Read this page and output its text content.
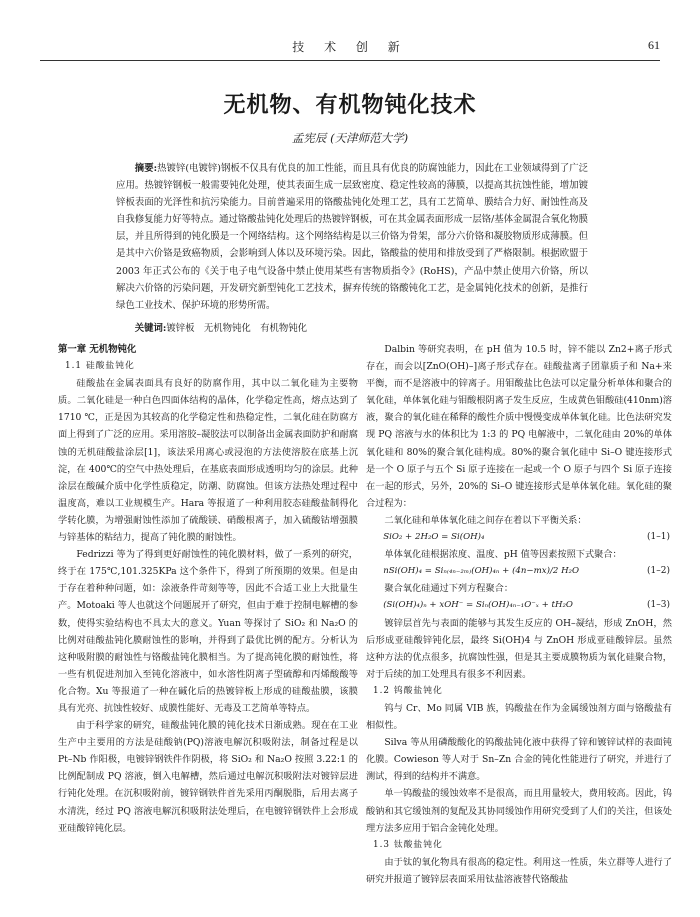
技 术 创 新	61
无机物、有机物钝化技术
孟宪辰 (天津师范大学)
摘要:热镀锌(电镀锌)钢板不仅具有优良的加工性能，而且具有优良的防腐蚀能力，因此在工业领域得到了广泛应用。热镀锌钢板一般需要钝化处理，使其表面生成一层致密度、稳定性较高的薄膜，以提高其抗蚀性能，增加镀锌板表面的光泽性和抗污染能力。目前普遍采用的铬酸盐钝化处理工艺，具有工艺简单、膜结合力好、耐蚀性高及自我修复能力好等特点。通过铬酸盐钝化处理后的热镀锌钢板，可在其金属表面形成一层铬/基体金属混合氧化物膜层，并且所得到的钝化膜是一个网络结构。这个网络结构是以三价铬为骨架，部分六价铬和凝胶物质形成薄膜。但是其中六价铬是致癌物质，会影响到人体以及环境污染。因此，铬酸盐的使用和排放受到了严格限制。根据欧盟于 2003 年正式公布的《关于电子电气设备中禁止使用某些有害物质指令》(RoHS)，产品中禁止使用六价铬，所以解决六价铬的污染问题，开发研究新型钝化工艺技术，摒弃传统的铬酸钝化工艺，是金属钝化技术的创新，是推行绿色工业技术、保护环境的形势所需。
关键词:镀锌板　无机物钝化　有机物钝化
第一章 无机物钝化
1.1 硅酸盐钝化

硅酸盐在金属表面具有良好的防腐作用，其中以二氧化硅为主要物质。二氧化硅是一种白色四面体结构的晶体，化学稳定性高，熔点达到了 1710 ℃，正是因为其较高的化学稳定性和热稳定性，二氧化硅在防腐方面上得到了广泛的应用。采用溶胶–凝胶法可以制备出金属表面防护和耐腐蚀的无机硅酸盐涂层[1]，该法采用离心或浸泡的方法使溶胶在底基上沉淀，在 400℃的空气中热处理后，在基底表面形成透明均匀的涂层。此种涂层在酸碱介质中化学性质稳定，防潮、防腐蚀。但该方法热处理过程中温度高，难以工业规模生产。Hara 等报道了一种利用胶态硅酸盐制得化学转化膜，为增强耐蚀性添加了硫酸镁、硝酸根离子，加入硫酸钴增强膜与锌基体的粘结力，提高了钝化膜的耐蚀性。

Fedrizzi 等为了得到更好耐蚀性的钝化膜材料，做了一系列的研究，终于在 175℃,101.325KPa 这个条件下，得到了所预期的效果。但是由于存在着种种问题，如：涂液条件苛刻等等，因此不合适工业上大批量生产。Motoaki 等人也就这个问题展开了研究，但由于难于控制电解槽的参数，使得实验结构也不具太大的意义。Yuan 等探讨了 SiO₂ 和 Na₂O 的比例对硅酸盐钝化膜耐蚀性的影响，并得到了最优比例的配方。分析认为这种吸附膜的耐蚀性与铬酸盐钝化膜相当。为了提高钝化膜的耐蚀性，将一些有机促进剂加入至钝化溶液中，如水溶性阴离子型硫醇和丙烯酸酸等化合物。Xu 等报道了一种在碱化后的热镀锌板上形成的硅酸盐膜，该膜具有光亮、抗蚀性较好、成膜性能好、无毒及工艺简单等特点。

由于科学家的研究，硅酸盐钝化膜的钝化技术日渐成熟。现在在工业生产中主要用的方法是硅酸钠(PQ)溶液电解沉积吸附法，制备过程是以 Pt–Nb 作阳极，电镀锌钢铁件作阴极，将 SiO₂ 和 Na₂O 按照 3.22:1 的比例配制成 PQ 溶液，倒入电解槽，然后通过电解沉积吸附法对镀锌层进行钝化处理。在沉积吸附前，镀锌钢铁件首先采用丙酮脱脂，后用去离子水清洗，经过 PQ 溶液电解沉积吸附法处理后，在电镀锌钢铁件上会形成亚硅酸锌钝化层。

Dalbin 等研究表明，在 pH 值为 10.5 时，锌不能以 Zn2+离子形式存在，而会以[ZnO(OH)–]离子形式存在。硅酸盐离子团靠质子和 Na+来平衡，而不是溶液中的锌离子。用钼酸盐比色法可以定量分析单体和聚合的氧化硅，单体氧化硅与钼酸根阴离子发生反应，生成黄色钼酸硅(410nm)溶液，聚合的氧化硅在稀释的酸性介质中慢慢变成单体氧化硅。比色法研究发现 PQ 溶液与水的体积比为 1:3 的 PQ 电解液中，二氧化硅由 20%的单体氧化硅和 80%的聚合氧化硅构成。80%的聚合氧化硅中 Si–O 键连接形式是一个 O 原子与五个 Si 原子连接在一起或一个 O 原子与四个 Si 原子连接在一起的形式，另外，20%的 Si–O 键连接形式是单体氧化硅。氧化硅的聚合过程为：

二氧化硅和单体氧化硅之间存在着以下平衡关系：

SiO₂ + 2H₂O = Si(OH)₄	(1–1)

单体氧化硅根据浓度、温度、pH 值等因素按照下式聚合：

nSi(OH)₄ = Siₙ₍₄ₙ₋₂ₘ₎(OH)₄ₙ + (4n−mx)/2 H₂O	(1–2)

聚合氧化硅通过下列方程聚合：

(Si(OH)₄)ₙ + xOH⁻ = Siₙ(OH)₄ₙ₋₁O⁻ₓ + tH₂O	(1–3)

镀锌层首先与表面的能够与其发生反应的 OH–凝结，形成 ZnOH，然后形成亚硅酸锌钝化层，最终 Si(OH)4 与 ZnOH 形成亚硅酸锌层。虽然这种方法的优点很多，抗腐蚀性强，但是其主要成膜物质为氧化硅聚合物，对于后续的加工处理具有很多不利因素。

1.2 钨酸盐钝化

钨与 Cr、Mo 同属 VIB 族，钨酸盐在作为金属缓蚀剂方面与铬酸盐有相似性。

Silva 等从用磷酸酸化的钨酸盐钝化液中获得了锌和镀锌试样的表面钝化膜。Cowieson 等人对于 Sn–Zn 合金的钝化性能进行了研究，并进行了测试，得到的结构并不满意。

单一钨酸盐的缓蚀效率不是很高，而且用量较大，费用较高。因此，钨酸钠和其它缓蚀剂的复配及其协同缓蚀作用研究受到了人们的关注，但该处理方法多应用于铝合金钝化处理。

1.3 钛酸盐钝化

由于钛的氧化物具有很高的稳定性。利用这一性质，朱立群等人进行了研究并报道了镀锌层表面采用钛盐溶液替代铬酸盐
